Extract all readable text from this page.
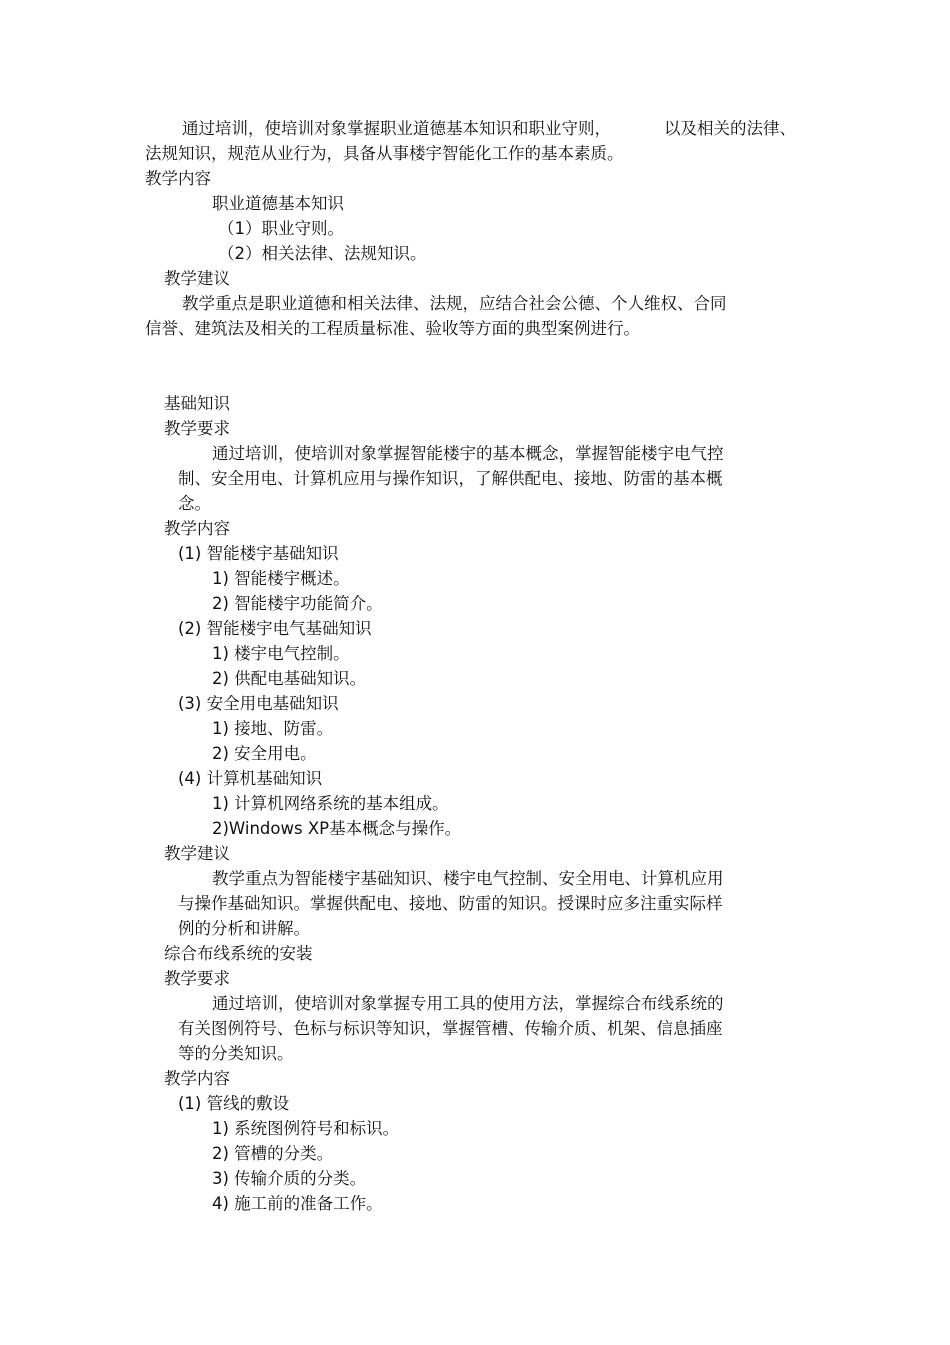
通过培训，使培训对象掌握职业道德基本知识和职业守则，	以及相关的法律、
法规知识，规范从业行为，具备从事楼宇智能化工作的基本素质。
教学内容
职业道德基本知识
（1）职业守则。
（2）相关法律、法规知识。
教学建议
教学重点是职业道德和相关法律、法规，应结合社会公德、个人维权、合同
信誉、建筑法及相关的工程质量标准、验收等方面的典型案例进行。
基础知识
教学要求
通过培训，使培训对象掌握智能楼宇的基本概念，掌握智能楼宇电气控
制、安全用电、计算机应用与操作知识，了解供配电、接地、防雷的基本概
念。
教学内容
(1) 智能楼宇基础知识
1) 智能楼宇概述。
2) 智能楼宇功能简介。
(2) 智能楼宇电气基础知识
1) 楼宇电气控制。
2) 供配电基础知识。
(3) 安全用电基础知识
1) 接地、防雷。
2) 安全用电。
(4) 计算机基础知识
1) 计算机网络系统的基本组成。
2)Windows XP基本概念与操作。
教学建议
教学重点为智能楼宇基础知识、楼宇电气控制、安全用电、计算机应用
与操作基础知识。掌握供配电、接地、防雷的知识。授课时应多注重实际样
例的分析和讲解。
综合布线系统的安装
教学要求
通过培训，使培训对象掌握专用工具的使用方法，掌握综合布线系统的
有关图例符号、色标与标识等知识，掌握管槽、传输介质、机架、信息插座
等的分类知识。
教学内容
(1) 管线的敷设
1) 系统图例符号和标识。
2) 管槽的分类。
3) 传输介质的分类。
4) 施工前的准备工作。
